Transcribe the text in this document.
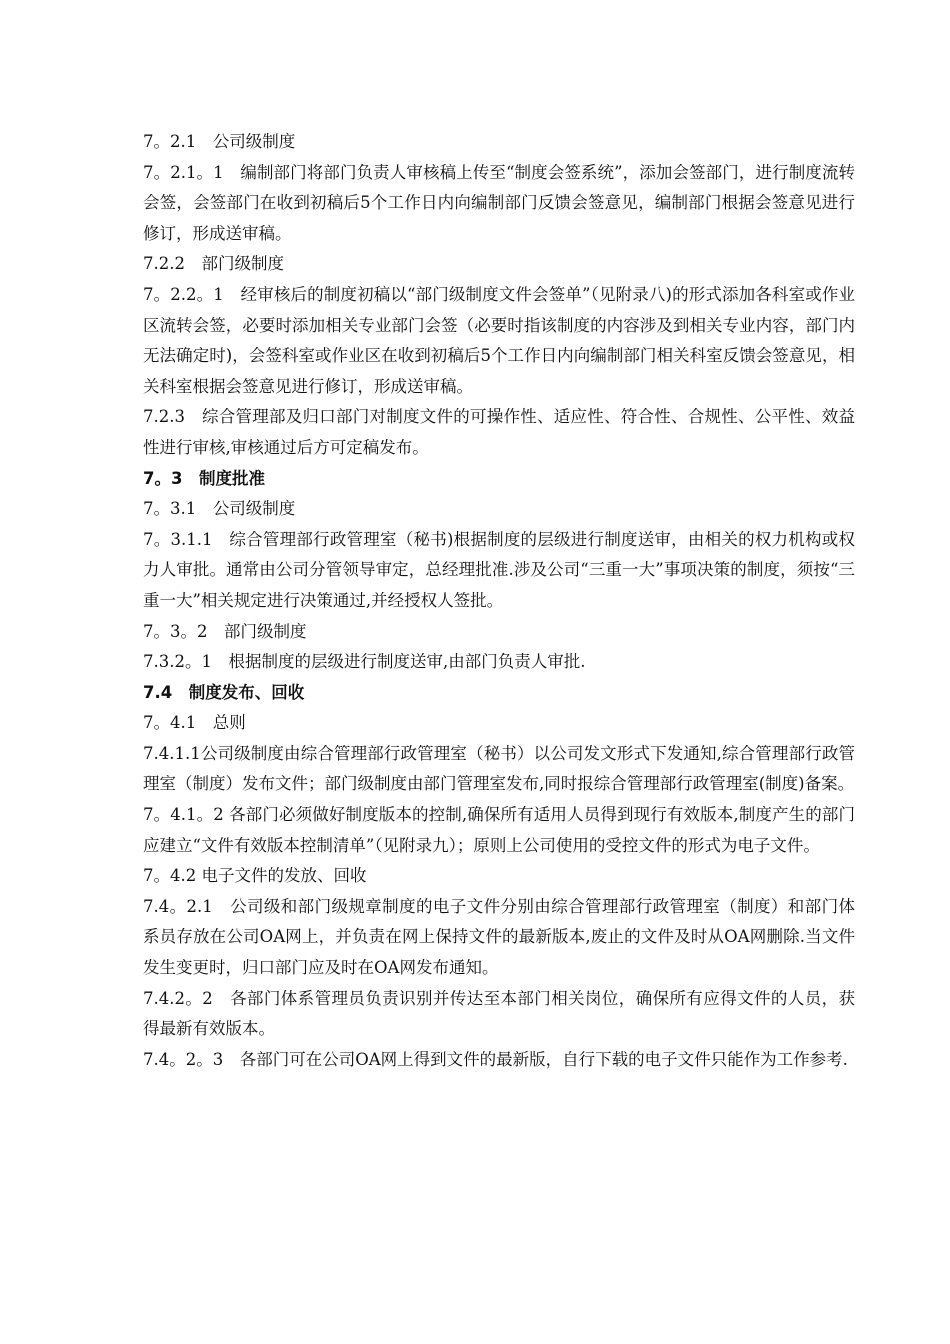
7。2.1　公司级制度

7。2.1。1　编制部门将部门负责人审核稿上传至“制度会签系统”，添加会签部门，进行制度流转会签，会签部门在收到初稿后5个工作日内向编制部门反馈会签意见，编制部门根据会签意见进行修订，形成送审稿。

7.2.2　部门级制度

7。2.2。1　经审核后的制度初稿以“部门级制度文件会签单”（见附录八)的形式添加各科室或作业区流转会签，必要时添加相关专业部门会签（必要时指该制度的内容涉及到相关专业内容，部门内无法确定时)，会签科室或作业区在收到初稿后5个工作日内向编制部门相关科室反馈会签意见，相关科室根据会签意见进行修订，形成送审稿。

7.2.3　综合管理部及归口部门对制度文件的可操作性、适应性、符合性、合规性、公平性、效益性进行审核,审核通过后方可定稿发布。

7。3　制度批准

7。3.1　公司级制度

7。3.1.1　综合管理部行政管理室（秘书)根据制度的层级进行制度送审，由相关的权力机构或权力人审批。通常由公司分管领导审定，总经理批准.涉及公司“三重一大”事项决策的制度，须按“三重一大”相关规定进行决策通过,并经授权人签批。

7。3。2　部门级制度

7.3.2。1　根据制度的层级进行制度送审,由部门负责人审批.

7.4　制度发布、回收

7。4.1　总则

7.4.1.1公司级制度由综合管理部行政管理室（秘书）以公司发文形式下发通知,综合管理部行政管理室（制度）发布文件；部门级制度由部门管理室发布,同时报综合管理部行政管理室(制度)备案。

7。4.1。2 各部门必须做好制度版本的控制,确保所有适用人员得到现行有效版本,制度产生的部门应建立“文件有效版本控制清单”（见附录九）；原则上公司使用的受控文件的形式为电子文件。

7。4.2 电子文件的发放、回收

7.4。2.1　公司级和部门级规章制度的电子文件分别由综合管理部行政管理室（制度）和部门体系员存放在公司OA网上，并负责在网上保持文件的最新版本,废止的文件及时从OA网删除.当文件发生变更时，归口部门应及时在OA网发布通知。

7.4.2。2　各部门体系管理员负责识别并传达至本部门相关岗位，确保所有应得文件的人员，获得最新有效版本。

7.4。2。3　各部门可在公司OA网上得到文件的最新版，自行下载的电子文件只能作为工作参考.
